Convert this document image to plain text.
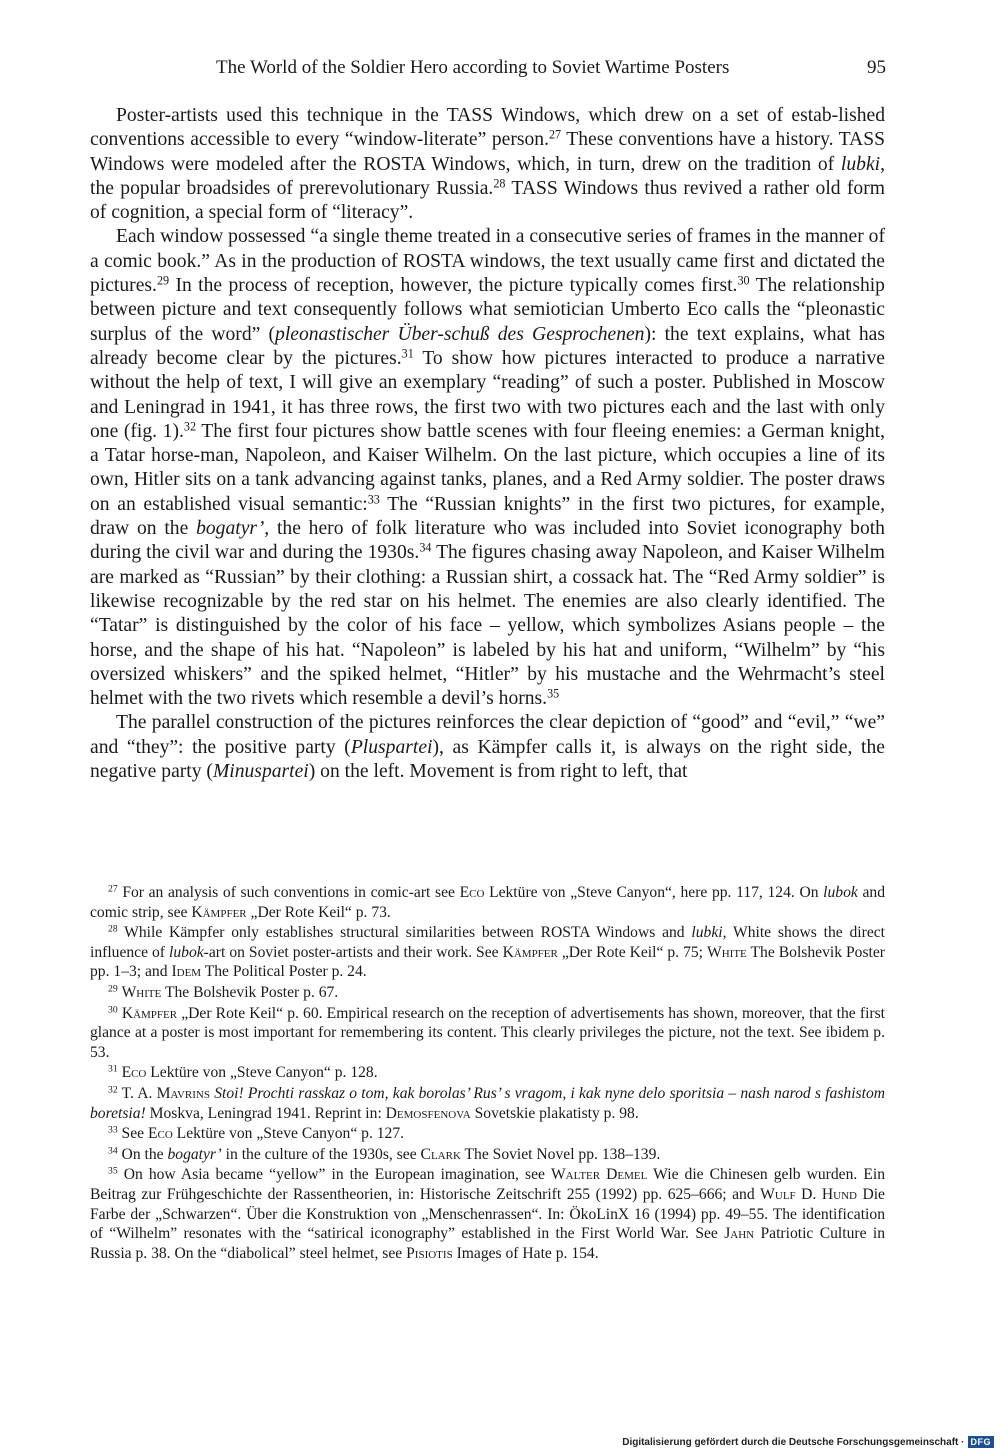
The World of the Soldier Hero according to Soviet Wartime Posters	95

Poster-artists used this technique in the TASS Windows, which drew on a set of estab-lished conventions accessible to every “window-literate” person.$^{27}$ These conventions have a history. TASS Windows were modeled after the ROSTA Windows, which, in turn, drew on the tradition of lubki, the popular broadsides of prerevolutionary Russia.$^{28}$ TASS Windows thus revived a rather old form of cognition, a special form of “literacy”.

Each window possessed “a single theme treated in a consecutive series of frames in the manner of a comic book.” As in the production of ROSTA windows, the text usually came first and dictated the pictures.$^{29}$ In the process of reception, however, the picture typically comes first.$^{30}$ The relationship between picture and text consequently follows what semiotician Umberto Eco calls the “pleonastic surplus of the word” (pleonastischer Über-schuß des Gesprochenen): the text explains, what has already become clear by the pictures.$^{31}$ To show how pictures interacted to produce a narrative without the help of text, I will give an exemplary “reading” of such a poster. Published in Moscow and Leningrad in 1941, it has three rows, the first two with two pictures each and the last with only one (fig. 1).$^{32}$ The first four pictures show battle scenes with four fleeing enemies: a German knight, a Tatar horse-man, Napoleon, and Kaiser Wilhelm. On the last picture, which occupies a line of its own, Hitler sits on a tank advancing against tanks, planes, and a Red Army soldier. The poster draws on an established visual semantic:$^{33}$ The “Russian knights” in the first two pictures, for example, draw on the bogatyr’, the hero of folk literature who was included into Soviet iconography both during the civil war and during the 1930s.$^{34}$ The figures chasing away Napoleon, and Kaiser Wilhelm are marked as “Russian” by their clothing: a Russian shirt, a cossack hat. The “Red Army soldier” is likewise recognizable by the red star on his helmet. The enemies are also clearly identified. The “Tatar” is distinguished by the color of his face – yellow, which symbolizes Asians people – the horse, and the shape of his hat. “Napoleon” is labeled by his hat and uniform, “Wilhelm” by “his oversized whiskers” and the spiked helmet, “Hitler” by his mustache and the Wehrmacht’s steel helmet with the two rivets which resemble a devil’s horns.$^{35}$

The parallel construction of the pictures reinforces the clear depiction of “good” and “evil,” “we” and “they”: the positive party (Pluspartei), as Kämpfer calls it, is always on the right side, the negative party (Minuspartei) on the left. Movement is from right to left, that

$^{27}$ For an analysis of such conventions in comic-art see Eco Lektüre von „Steve Canyon“, here pp. 117, 124. On lubok and comic strip, see Kämpfer „Der Rote Keil“ p. 73.

$^{28}$ While Kämpfer only establishes structural similarities between ROSTA Windows and lubki, White shows the direct influence of lubok-art on Soviet poster-artists and their work. See Kämpfer „Der Rote Keil“ p. 75; White The Bolshevik Poster pp. 1–3; and Idem The Political Poster p. 24.

$^{29}$ White The Bolshevik Poster p. 67.

$^{30}$ Kämpfer „Der Rote Keil“ p. 60. Empirical research on the reception of advertisements has shown, moreover, that the first glance at a poster is most important for remembering its content. This clearly privileges the picture, not the text. See ibidem p. 53.

$^{31}$ Eco Lektüre von „Steve Canyon“ p. 128.

$^{32}$ T. A. Mavrins Stoi! Prochti rasskaz o tom, kak borolas’ Rus’ s vragom, i kak nyne delo sporitsia – nash narod s fashistom boretsia! Moskva, Leningrad 1941. Reprint in: Demosfenova Sovetskie plakatisty p. 98.

$^{33}$ See Eco Lektüre von „Steve Canyon“ p. 127.

$^{34}$ On the bogatyr’ in the culture of the 1930s, see Clark The Soviet Novel pp. 138–139.

$^{35}$ On how Asia became “yellow” in the European imagination, see Walter Demel Wie die Chinesen gelb wurden. Ein Beitrag zur Frühgeschichte der Rassentheorien, in: Historische Zeitschrift 255 (1992) pp. 625–666; and Wulf D. Hund Die Farbe der „Schwarzen“. Über die Konstruktion von „Menschenrassen“. In: ÖkoLinX 16 (1994) pp. 49–55. The identification of “Wilhelm” resonates with the “satirical iconography” established in the First World War. See Jahn Patriotic Culture in Russia p. 38. On the “diabolical” steel helmet, see Pisiotis Images of Hate p. 154.

Digitalisierung gefördert durch die Deutsche Forschungsgemeinschaft · DFG
